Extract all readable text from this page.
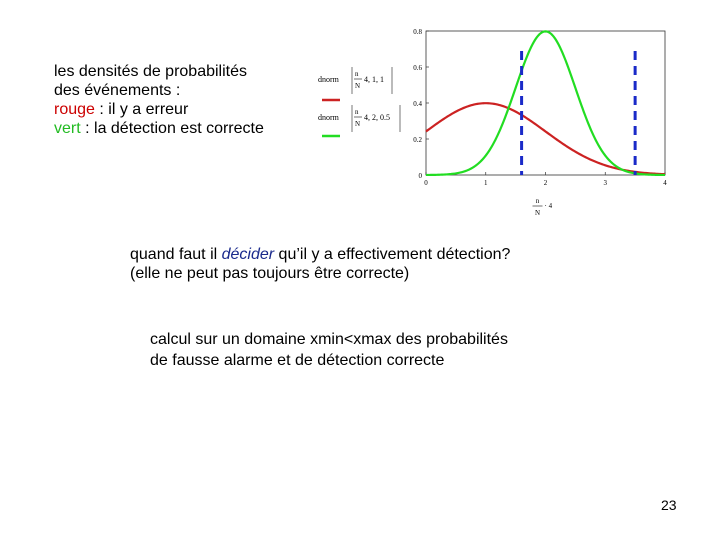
les densités de probabilités
des événements :
rouge : il y a erreur
vert : la détection est correcte
dnorm
n
N
4, 1, 1
dnorm
n
N
4, 2, 0.5
0
0.2
0.4
0.6
0.8
0	1	2	3	4
n
N
· 4
quand faut il décider qu’il y a effectivement détection?
(elle ne peut pas toujours être correcte)
calcul sur un domaine xmin<xmax des probabilités
de fausse alarme et de détection correcte
23
